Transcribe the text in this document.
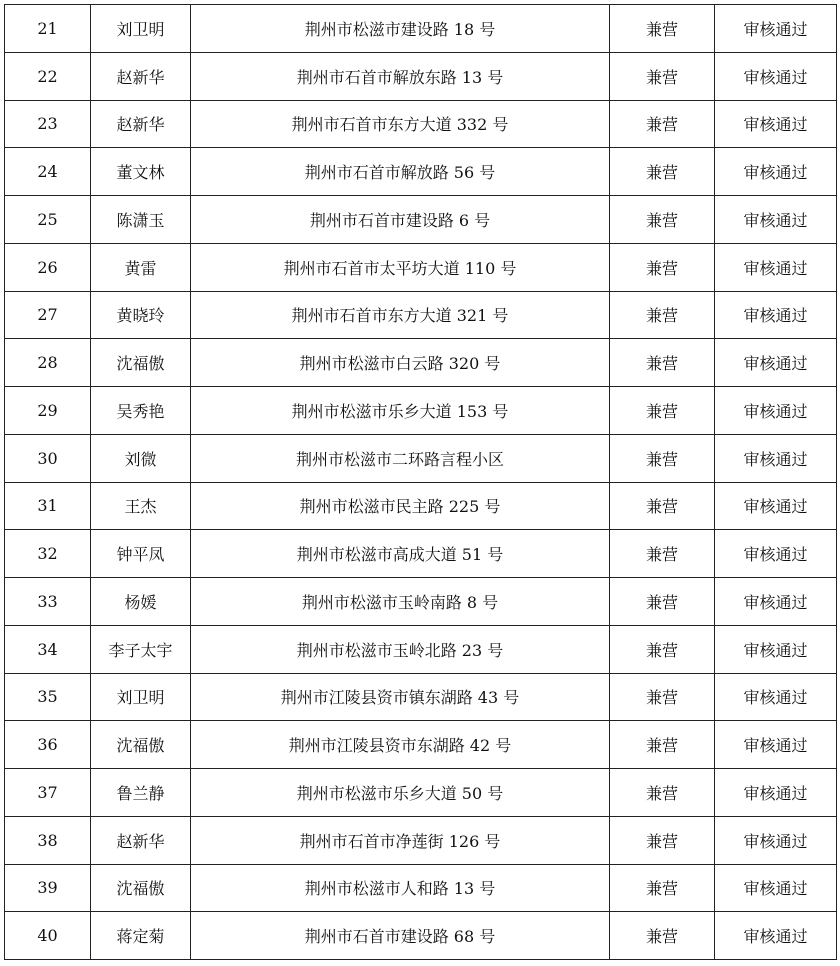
21	刘卫明	荆州市松滋市建设路 18 号	兼营	审核通过
22	赵新华	荆州市石首市解放东路 13 号	兼营	审核通过
23	赵新华	荆州市石首市东方大道 332 号	兼营	审核通过
24	董文林	荆州市石首市解放路 56 号	兼营	审核通过
25	陈潇玉	荆州市石首市建设路 6 号	兼营	审核通过
26	黄雷	荆州市石首市太平坊大道 110 号	兼营	审核通过
27	黄晓玲	荆州市石首市东方大道 321 号	兼营	审核通过
28	沈福傲	荆州市松滋市白云路 320 号	兼营	审核通过
29	吴秀艳	荆州市松滋市乐乡大道 153 号	兼营	审核通过
30	刘微	荆州市松滋市二环路言程小区	兼营	审核通过
31	王杰	荆州市松滋市民主路 225 号	兼营	审核通过
32	钟平凤	荆州市松滋市高成大道 51 号	兼营	审核通过
33	杨媛	荆州市松滋市玉岭南路 8 号	兼营	审核通过
34	李子太宇	荆州市松滋市玉岭北路 23 号	兼营	审核通过
35	刘卫明	荆州市江陵县资市镇东湖路 43 号	兼营	审核通过
36	沈福傲	荆州市江陵县资市东湖路 42 号	兼营	审核通过
37	鲁兰静	荆州市松滋市乐乡大道 50 号	兼营	审核通过
38	赵新华	荆州市石首市净莲街 126 号	兼营	审核通过
39	沈福傲	荆州市松滋市人和路 13 号	兼营	审核通过
40	蒋定菊	荆州市石首市建设路 68 号	兼营	审核通过
